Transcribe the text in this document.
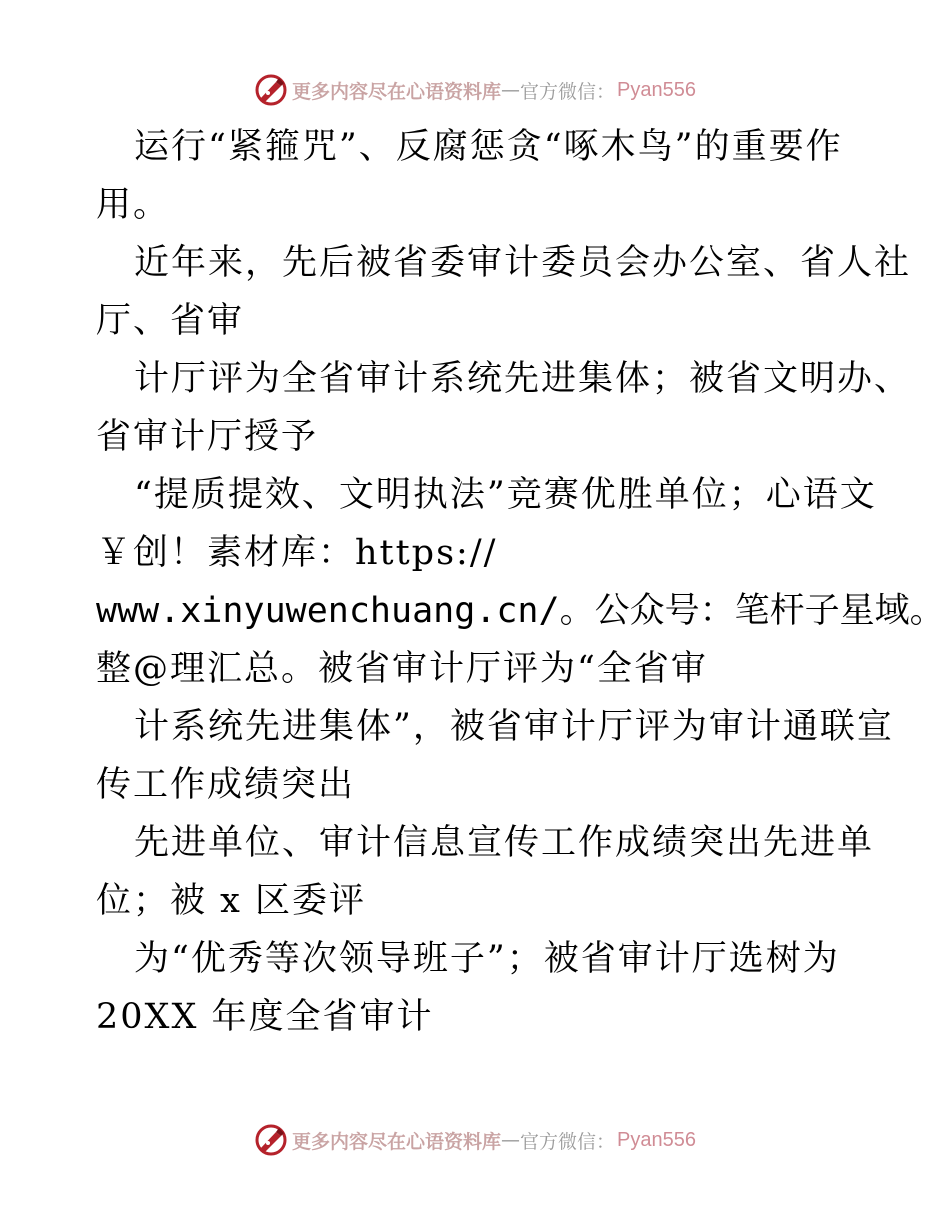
更多内容尽在心语资料库 — 官方微信： Pyan556
运行“紧箍咒”、反腐惩贪“啄木鸟”的重要作
用。
近年来，先后被省委审计委员会办公室、省人社
厅、省审
计厅评为全省审计系统先进集体；被省文明办、
省审计厅授予
“提质提效、文明执法”竞赛优胜单位；心语文
￥创！素材库：https://
www.xinyuwenchuang.cn/。公众号：笔杆子星域。
整@理汇总。被省审计厅评为“全省审
计系统先进集体”，被省审计厅评为审计通联宣
传工作成绩突出
先进单位、审计信息宣传工作成绩突出先进单
位；被 x 区委评
为“优秀等次领导班子”；被省审计厅选树为
20XX 年度全省审计
更多内容尽在心语资料库 — 官方微信： Pyan556
